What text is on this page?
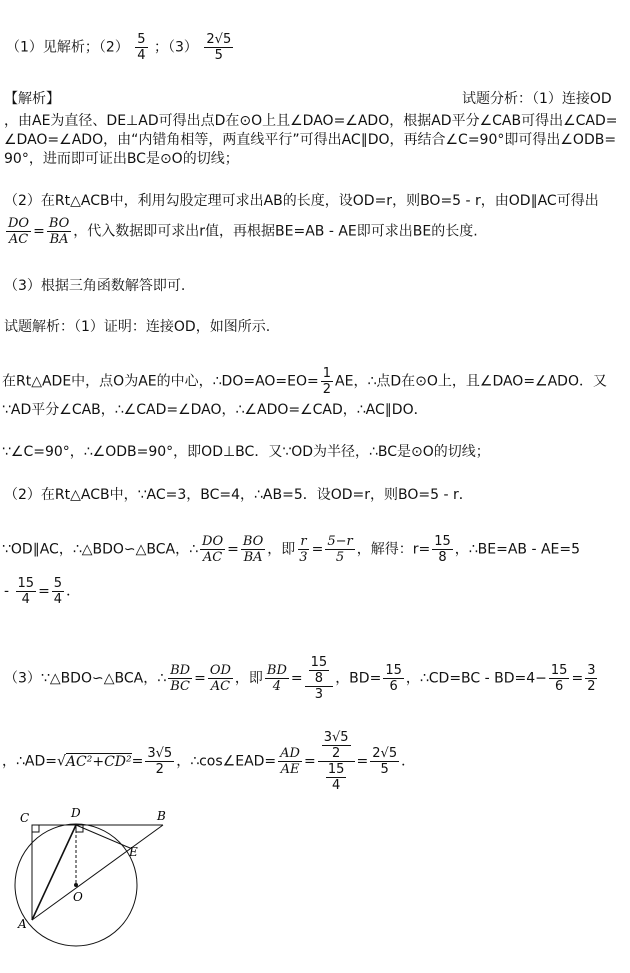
（1）见解析；$(2) \frac{5}{4}$ ；$(3) \frac{2√5}{5}$
【解析】	试题分析：（1）连接OD
，由AE为直径、DE⊥AD可得出点D在⊙O上且∠DAO=∠ADO，根据AD平分∠CAB可得出∠CAD=
∠DAO=∠ADO，由“内错角相等，两直线平行”可得出AC∥DO，再结合∠C=90°即可得出∠ODB=
90°，进而即可证出BC是⊙O的切线；
（2）在Rt△ACB中，利用勾股定理可求出AB的长度，设OD=r，则BO=5 - r，由OD∥AC可得出
$\frac{DO}{AC} = \frac{BO}{BA}$ ，代入数据即可求出r值，再根据BE=AB - AE即可求出BE的长度.
（3）根据三角函数解答即可.
试题解析：（1）证明：连接OD，如图所示.
在Rt△ADE中，点O为AE的中心，∴DO=AO=EO= $\frac{1}{2}$ AE，∴点D在⊙O上，且∠DAO=∠ADO．又
∵AD平分∠CAB，∴∠CAD=∠DAO，∴∠ADO=∠CAD，∴AC∥DO．
∵∠C=90°，∴∠ODB=90°，即OD⊥BC．又∵OD为半径，∴BC是⊙O的切线；
（2）在Rt△ACB中，∵AC=3，BC=4，∴AB=5．设OD=r，则BO=5 - r．
∵OD∥AC，∴△BDO∽△BCA，∴ $\frac{DO}{AC} = \frac{BO}{BA}$ ，即 $\frac{r}{3} = \frac{5-r}{5}$ ，解得：$r= \frac{15}{8}$ ，∴BE=AB - AE=5
- $\frac{15}{4} = \frac{5}{4}$ ．
（3）∵△BDO∽△BCA，∴ $\frac{BD}{BC} = \frac{OD}{AC}$ ，即 $\frac{BD}{4} = \frac{\frac{15}{8}}{3}$ ，$BD= \frac{15}{6}$ ，∴CD=BC - $BD=4- \frac{15}{6} = \frac{3}{2}$
，∴AD=√AC²+CD²= $\frac{3√5}{2}$ ，∴cos∠EAD= $\frac{AD}{AE} = \frac{\frac{3√5}{2}}{\frac{15}{4}} = \frac{2√5}{5}$ ．
C	D	B
E
O
A
